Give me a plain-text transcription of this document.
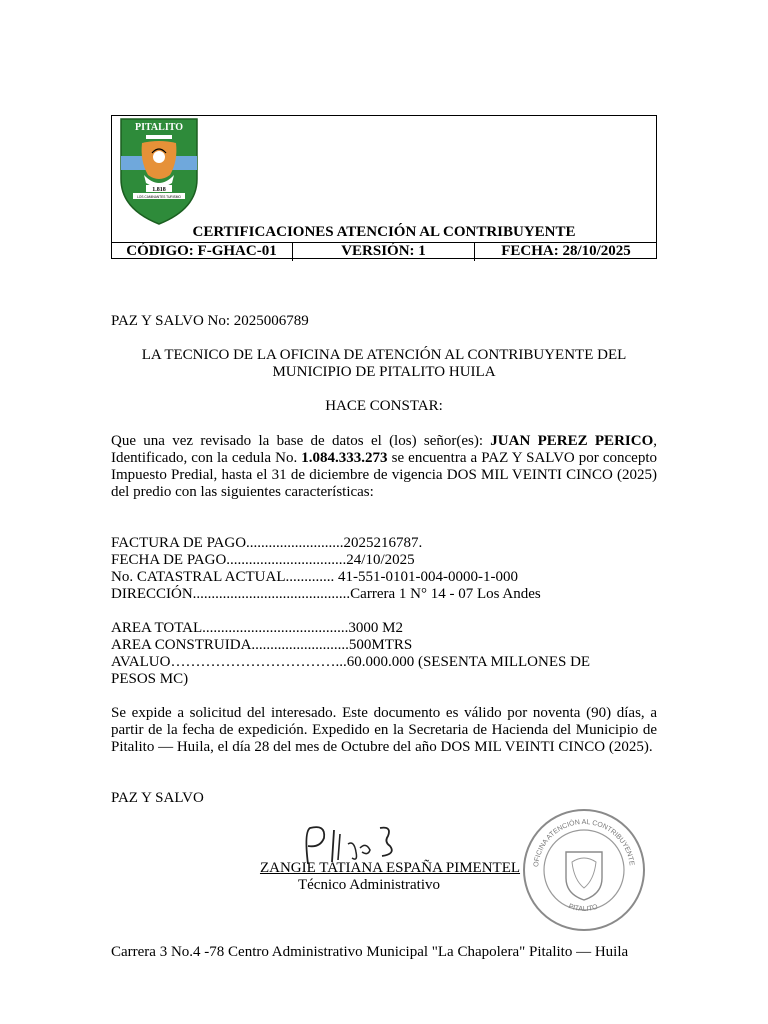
PITALITO
1.818
LOS CAMINANTES TURISMO
CERTIFICACIONES ATENCIÓN AL CONTRIBUYENTE
CÓDIGO: F-GHAC-01	VERSIÓN: 1	FECHA: 28/10/2025
PAZ Y SALVO No: 2025006789
LA TECNICO DE LA OFICINA DE ATENCIÓN AL CONTRIBUYENTE DEL
MUNICIPIO DE PITALITO HUILA
HACE CONSTAR:
Que una vez revisado la base de datos el (los) señor(es): JUAN PEREZ PERICO, Identificado, con la cedula No. 1.084.333.273 se encuentra a PAZ Y SALVO por concepto Impuesto Predial, hasta el 31 de diciembre de vigencia DOS MIL VEINTI CINCO (2025) del predio con las siguientes características:
FACTURA DE PAGO..........................2025216787.
FECHA DE PAGO................................24/10/2025
No. CATASTRAL ACTUAL............. 41-551-0101-004-0000-1-000
DIRECCIÓN..........................................Carrera 1 N° 14 - 07 Los Andes
AREA TOTAL.......................................3000 M2
AREA CONSTRUIDA..........................500MTRS
AVALUO……………………………...60.000.000 (SESENTA MILLONES DE PESOS MC)
Se expide a solicitud del interesado. Este documento es válido por noventa (90) días, a partir de la fecha de expedición. Expedido en la Secretaria de Hacienda del Municipio de Pitalito — Huila, el día 28 del mes de Octubre del año DOS MIL VEINTI CINCO (2025).
PAZ Y SALVO
OFICINA ATENCIÓN AL CONTRIBUYENTE
PITALITO
ZANGIE TATIANA ESPAÑA PIMENTEL
Técnico Administrativo
Carrera 3 No.4 -78 Centro Administrativo Municipal "La Chapolera" Pitalito — Huila
